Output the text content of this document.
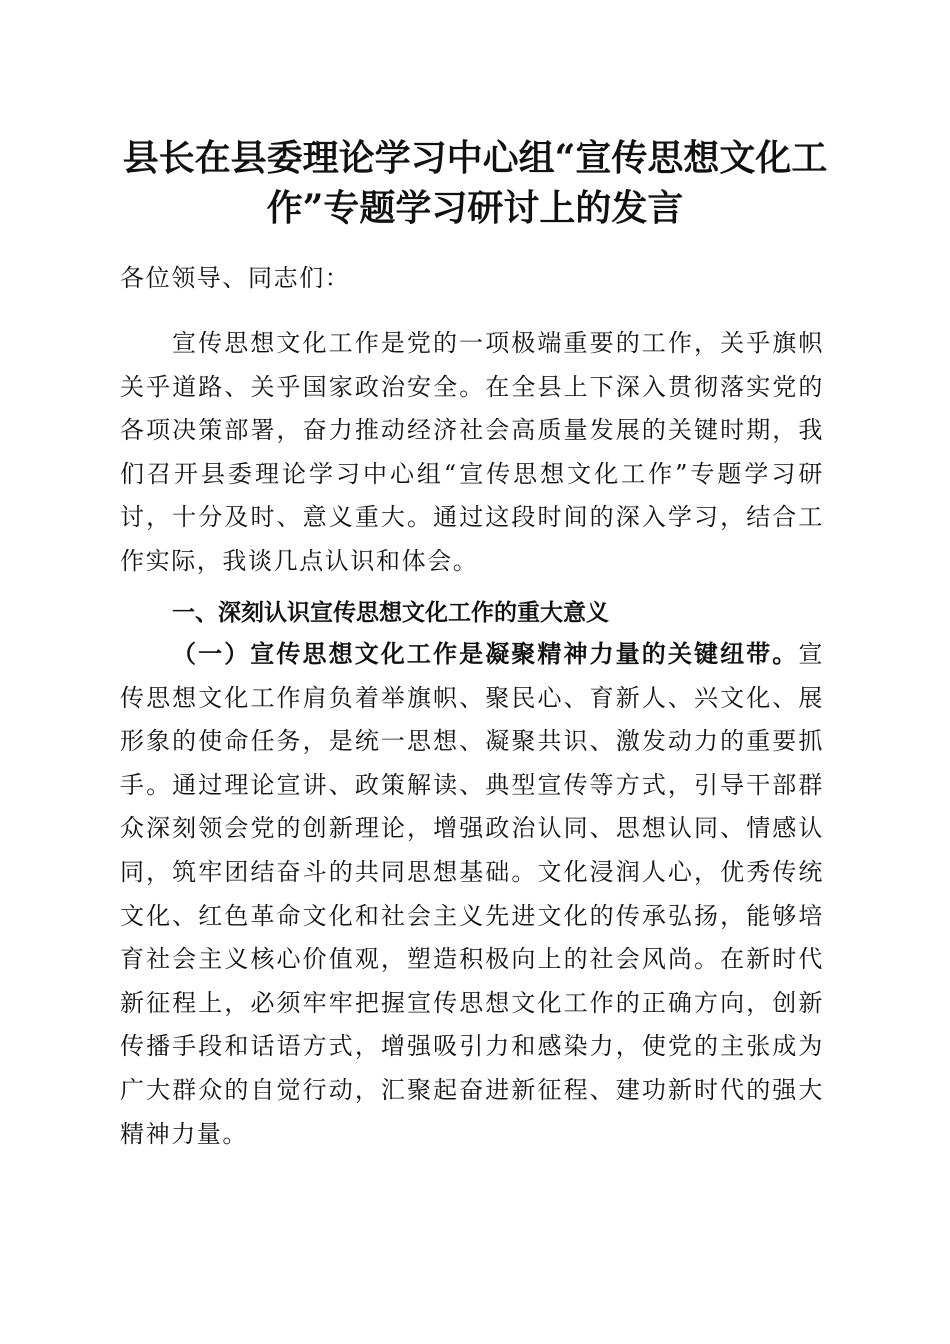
县长在县委理论学习中心组“宣传思想文化工
作”专题学习研讨上的发言

各位领导、同志们：

宣传思想文化工作是党的一项极端重要的工作，关乎旗帜关乎道路、关乎国家政治安全。在全县上下深入贯彻落实党的各项决策部署，奋力推动经济社会高质量发展的关键时期，我们召开县委理论学习中心组“宣传思想文化工作”专题学习研讨，十分及时、意义重大。通过这段时间的深入学习，结合工作实际，我谈几点认识和体会。

一、深刻认识宣传思想文化工作的重大意义

（一）宣传思想文化工作是凝聚精神力量的关键纽带。宣传思想文化工作肩负着举旗帜、聚民心、育新人、兴文化、展形象的使命任务，是统一思想、凝聚共识、激发动力的重要抓手。通过理论宣讲、政策解读、典型宣传等方式，引导干部群众深刻领会党的创新理论，增强政治认同、思想认同、情感认同，筑牢团结奋斗的共同思想基础。文化浸润人心，优秀传统文化、红色革命文化和社会主义先进文化的传承弘扬，能够培育社会主义核心价值观，塑造积极向上的社会风尚。在新时代新征程上，必须牢牢把握宣传思想文化工作的正确方向，创新传播手段和话语方式，增强吸引力和感染力，使党的主张成为广大群众的自觉行动，汇聚起奋进新征程、建功新时代的强大精神力量。
